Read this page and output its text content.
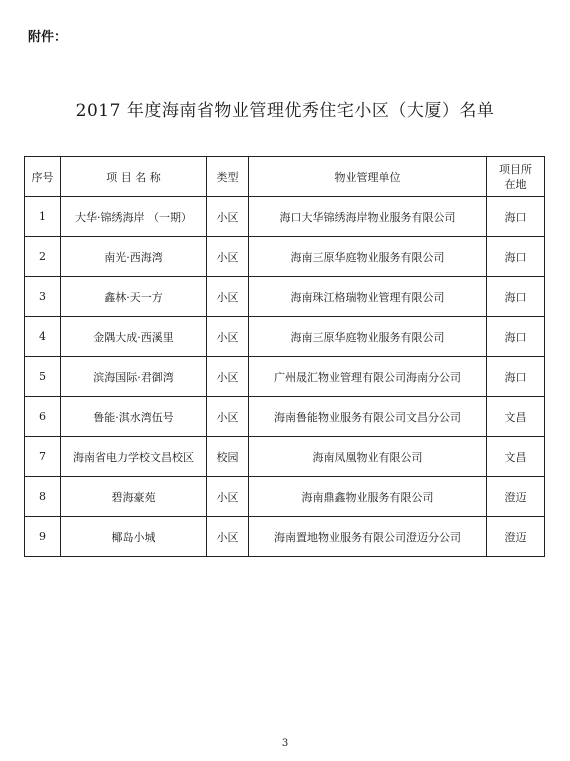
附件：
2017 年度海南省物业管理优秀住宅小区（大厦）名单
序号	项 目 名 称	类型	物业管理单位	项目所
在地
1	大华·锦绣海岸 （一期）	小区	海口大华锦绣海岸物业服务有限公司	海口
2	南光·西海湾	小区	海南三原华庭物业服务有限公司	海口
3	鑫林·天一方	小区	海南珠江格瑞物业管理有限公司	海口
4	金隅大成·西溪里	小区	海南三原华庭物业服务有限公司	海口
5	滨海国际·君御湾	小区	广州晟汇物业管理有限公司海南分公司	海口
6	鲁能·淇水湾伍号	小区	海南鲁能物业服务有限公司文昌分公司	文昌
7	海南省电力学校文昌校区	校园	海南凤凰物业有限公司	文昌
8	碧海豪苑	小区	海南鼎鑫物业服务有限公司	澄迈
9	椰岛小城	小区	海南置地物业服务有限公司澄迈分公司	澄迈
3
